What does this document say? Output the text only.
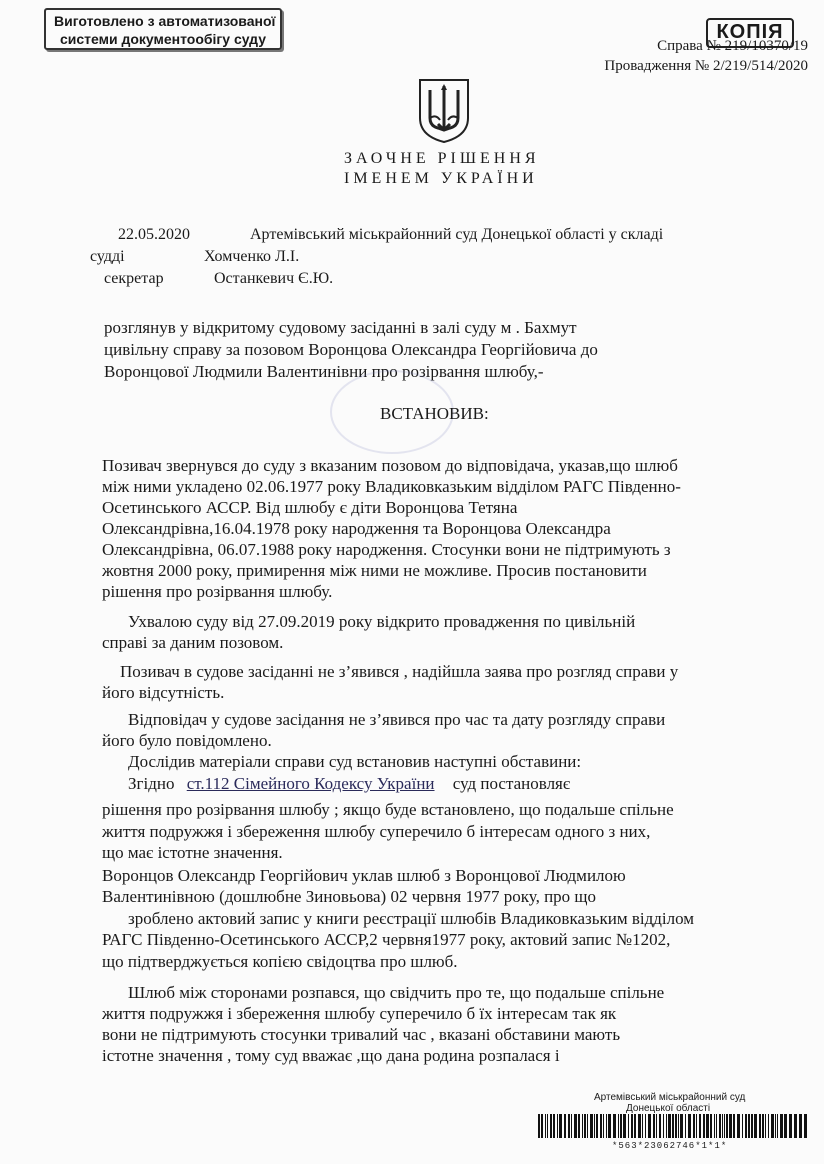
Виготовлено з автоматизованої
системи документообігу суду	КОПІЯ
Справа № 219/10370/19
Провадження № 2/219/514/2020
ЗАОЧНЕ РІШЕННЯ
ІМЕНЕМ УКРАЇНИ
22.05.2020	Артемівський міськрайонний суд Донецької області у складі
судді	Хомченко Л.І.
секретар	Останкевич Є.Ю.
розглянув у відкритому судовому засіданні в залі суду м . Бахмут
цивільну справу за позовом Воронцова Олександра Георгійовича до
Воронцової Людмили Валентинівни про розірвання шлюбу,-
ВСТАНОВИВ:
Позивач звернувся до суду з вказаним позовом до відповідача, указав,що шлюб
між ними укладено 02.06.1977 року Владиковказьким відділом РАГС Південно-
Осетинського АССР. Від шлюбу є діти Воронцова Тетяна
Олександрівна,16.04.1978 року народження та Воронцова Олександра
Олександрівна, 06.07.1988 року народження. Стосунки вони не підтримують з
жовтня 2000 року, примирення між ними не можливе. Просив постановити
рішення про розірвання шлюбу.
Ухвалою суду від 27.09.2019 року відкрито провадження по цивільній
справі за даним позовом.
Позивач в судове засіданні не з’явився , надійшла заява про розгляд справи у
його відсутність.
Відповідач у судове засідання не з’явився про час та дату розгляду справи
його було повідомлено.
Дослідив матеріали справи суд встановив наступні обставини:
Згідно ст.112 Сімейного Кодексу України суд постановляє
рішення про розірвання шлюбу ; якщо буде встановлено, що подальше спільне
життя подружжя і збереження шлюбу суперечило б інтересам одного з них,
що має істотне значення.
Воронцов Олександр Георгійович уклав шлюб з Воронцової Людмилою
Валентинівною (дошлюбне Зиновьова) 02 червня 1977 року, про що
зроблено актовий запис у книги реєстрації шлюбів Владиковказьким відділом
РАГС Південно-Осетинського АССР,2 червня1977 року, актовий запис №1202,
що підтверджується копією свідоцтва про шлюб.
Шлюб між сторонами розпався, що свідчить про те, що подальше спільне
життя подружжя і збереження шлюбу суперечило б їх інтересам так як
вони не підтримують стосунки тривалий час , вказані обставини мають
істотне значення , тому суд вважає ,що дана родина розпалася і
Артемівський міськрайонний суд
Донецької області
*563*23062746*1*1*
